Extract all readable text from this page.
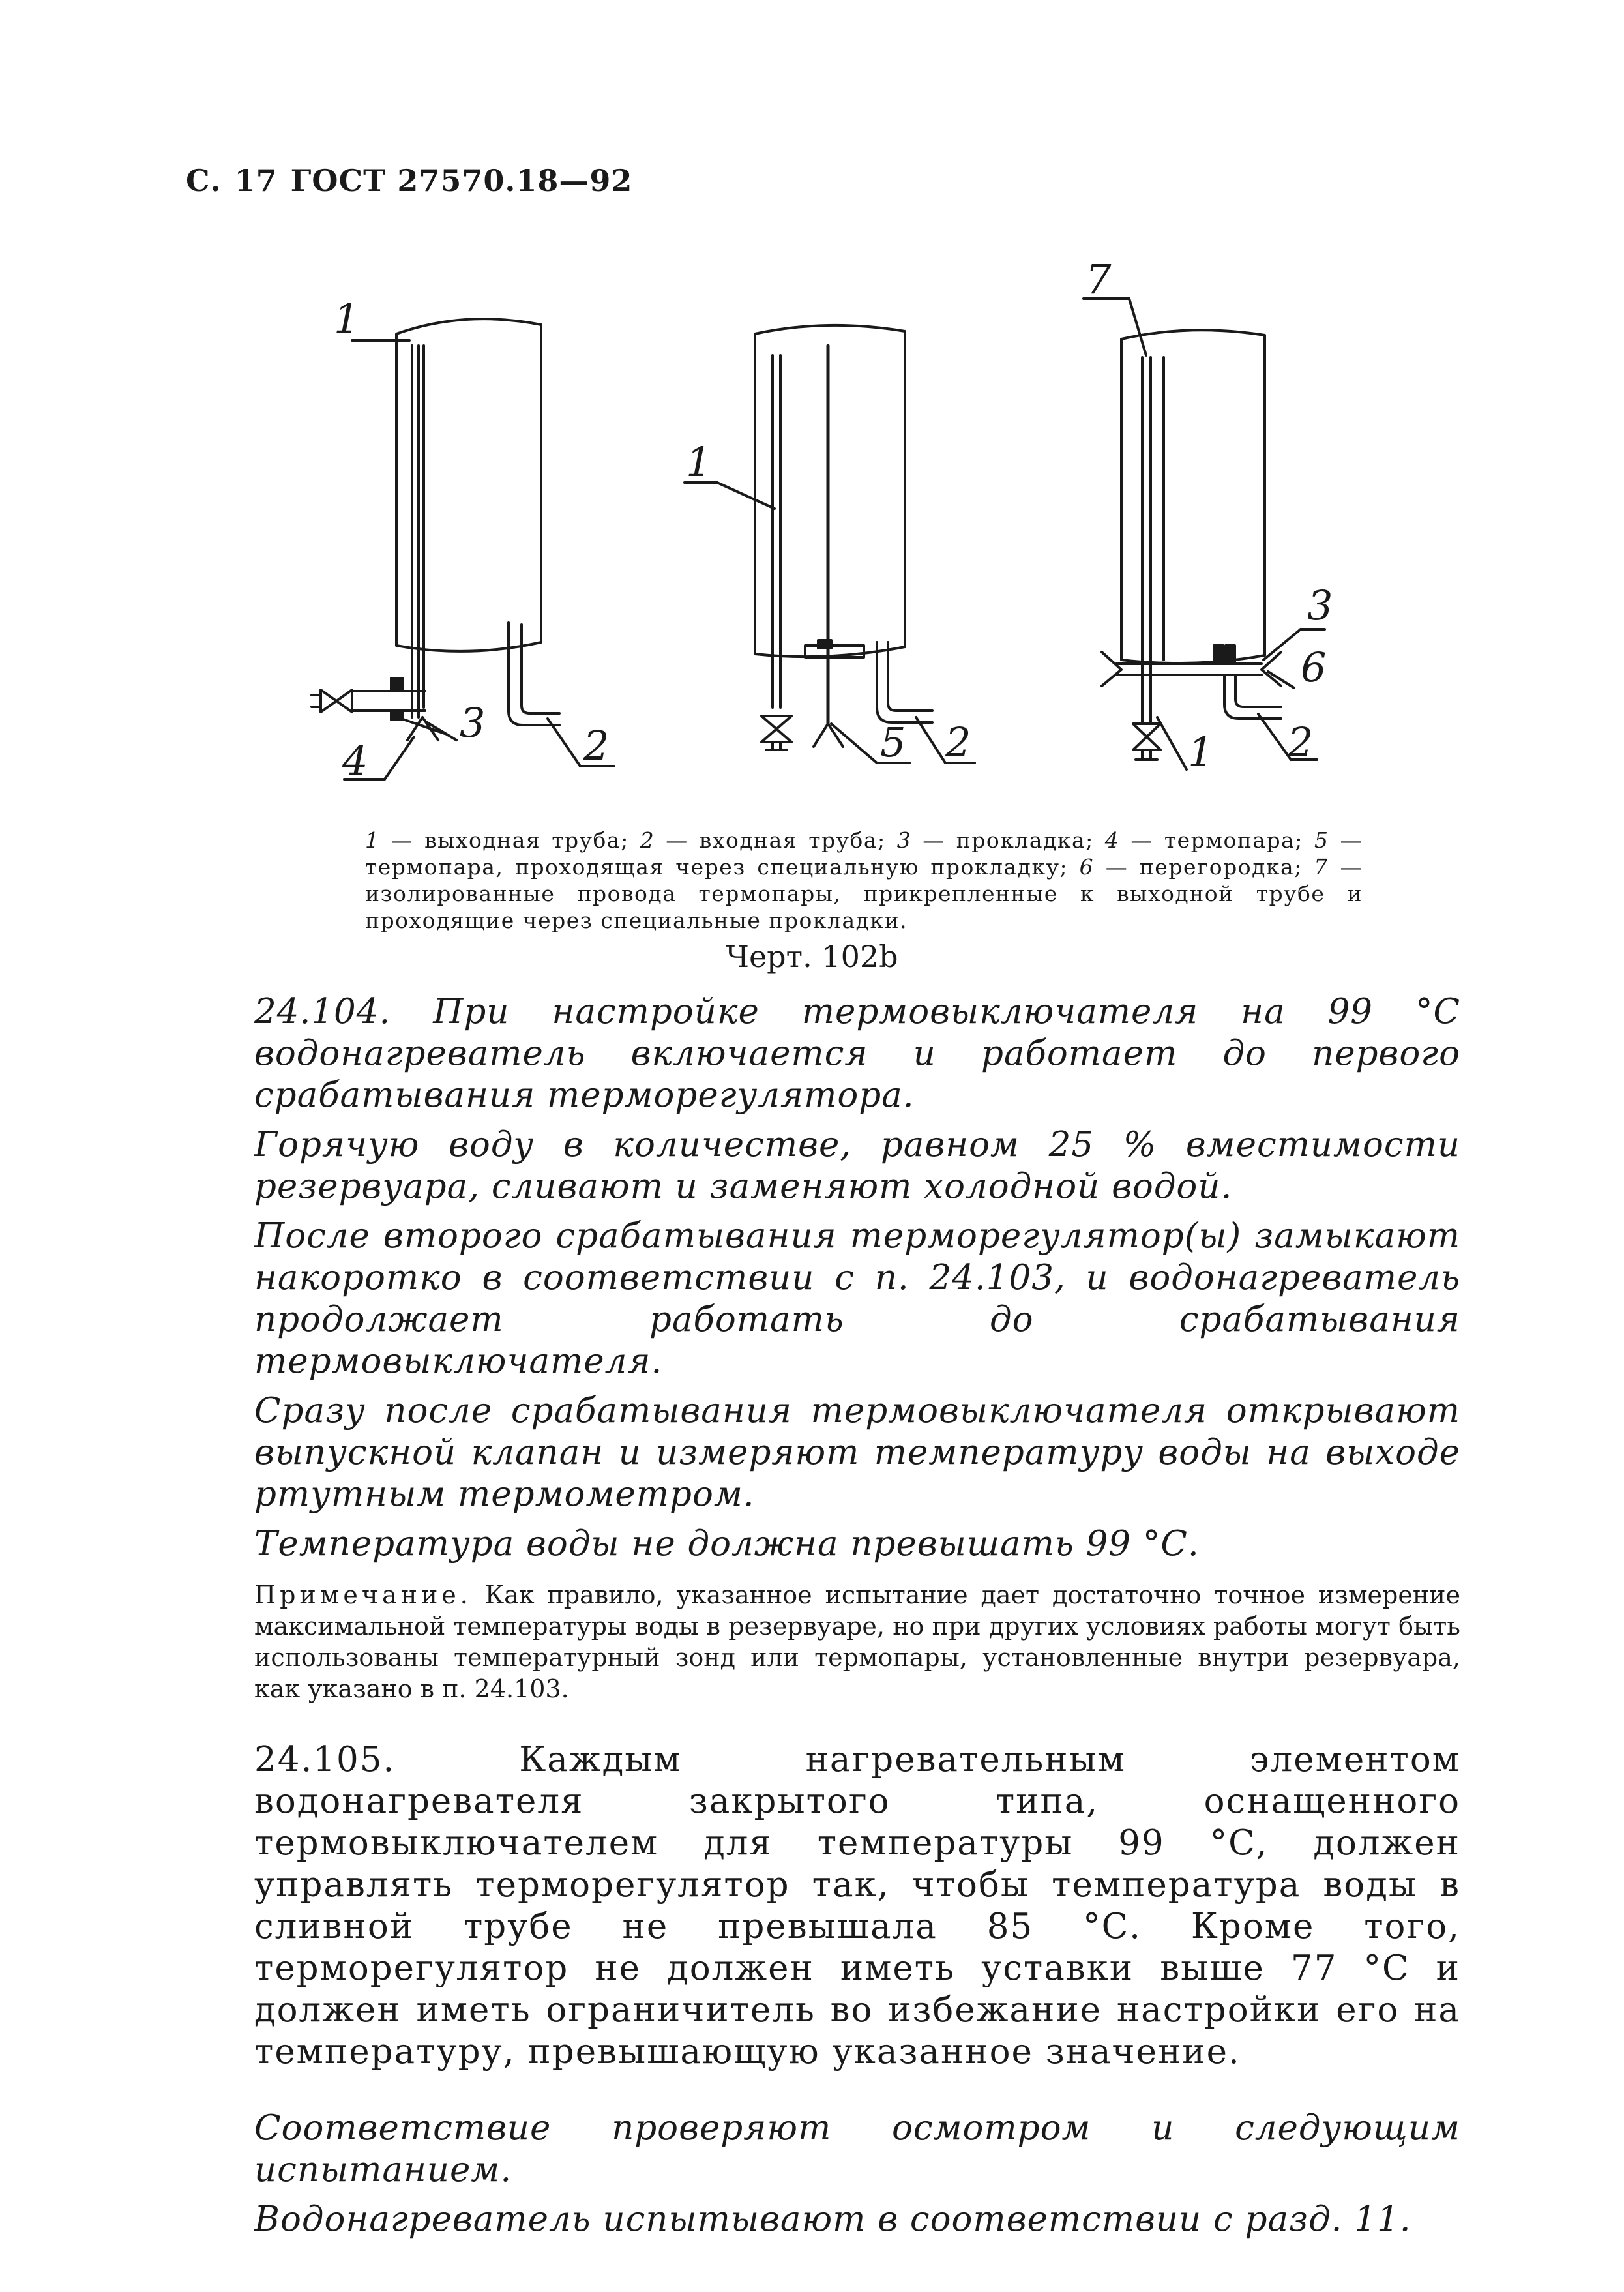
С. 17 ГОСТ 27570.18—92
1
2
3
4
1
5 2
7
3
6
1 2
1 — выходная труба; 2 — входная труба; 3 — прокладка; 4 — термопара; 5 — термопара, проходящая через специальную прокладку; 6 — перегородка; 7 — изолированные провода термопары, прикрепленные к выходной трубе и проходящие через специальные прокладки.
Черт. 102b

24.104. При настройке термовыключателя на 99 °С водонагреватель включается и работает до первого срабатывания терморегулятора.

Горячую воду в количестве, равном 25 % вместимости резервуара, сливают и заменяют холодной водой.

После второго срабатывания терморегулятор(ы) замыкают накоротко в соответствии с п. 24.103, и водонагреватель продолжает работать до срабатывания термовыключателя.

Сразу после срабатывания термовыключателя открывают выпускной клапан и измеряют температуру воды на выходе ртутным термометром.

Температура воды не должна превышать 99 °С.

Примечание. Как правило, указанное испытание дает достаточно точное измерение максимальной температуры воды в резервуаре, но при других условиях работы могут быть использованы температурный зонд или термопары, установленные внутри резервуара, как указано в п. 24.103.

24.105. Каждым нагревательным элементом водонагревателя закрытого типа, оснащенного термовыключателем для температуры 99 °С, должен управлять терморегулятор так, чтобы температура воды в сливной трубе не превышала 85 °С. Кроме того, терморегулятор не должен иметь уставки выше 77 °С и должен иметь ограничитель во избежание настройки его на температуру, превышающую указанное значение.

Соответствие проверяют осмотром и следующим испытанием.

Водонагреватель испытывают в соответствии с разд. 11.
